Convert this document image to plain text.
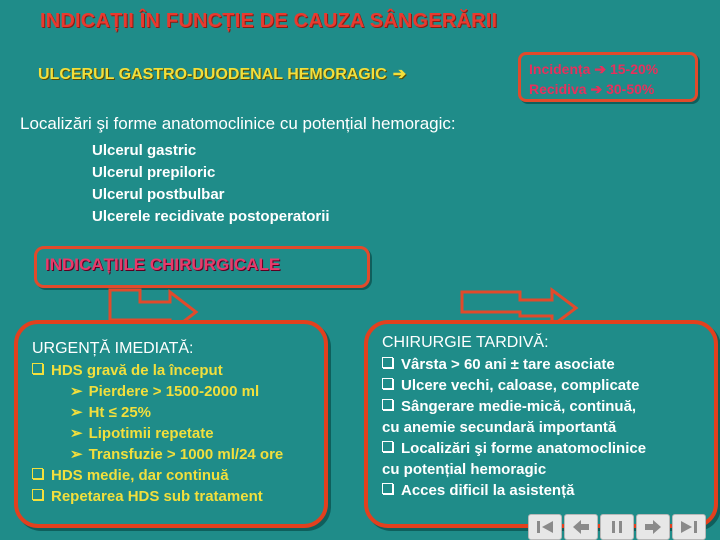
INDICAȚII ÎN FUNCȚIE DE CAUZA SÂNGERĂRII
ULCERUL GASTRO-DUODENAL HEMORAGIC ➔	Incidența ➔ 15-20%
Recidiva ➔ 30-50%
Localizări şi forme anatomoclinice cu potențial hemoragic:
Ulcerul gastric
Ulcerul prepiloric
Ulcerul postbulbar
Ulcerele recidivate postoperatorii
INDICAȚIILE CHIRURGICALE
URGENȚĂ IMEDIATĂ:
HDS gravă de la început
➢ Pierdere > 1500-2000 ml
➢ Ht ≤ 25%
➢ Lipotimii repetate
➢ Transfuzie > 1000 ml/24 ore
HDS medie, dar continuă
Repetarea HDS sub tratament
CHIRURGIE TARDIVĂ:
Vârsta > 60 ani ± tare asociate
Ulcere vechi, caloase, complicate
Sângerare medie-mică, continuă,
cu anemie secundară importantă
Localizări şi forme anatomoclinice
cu potențial hemoragic
Acces dificil la asistență
